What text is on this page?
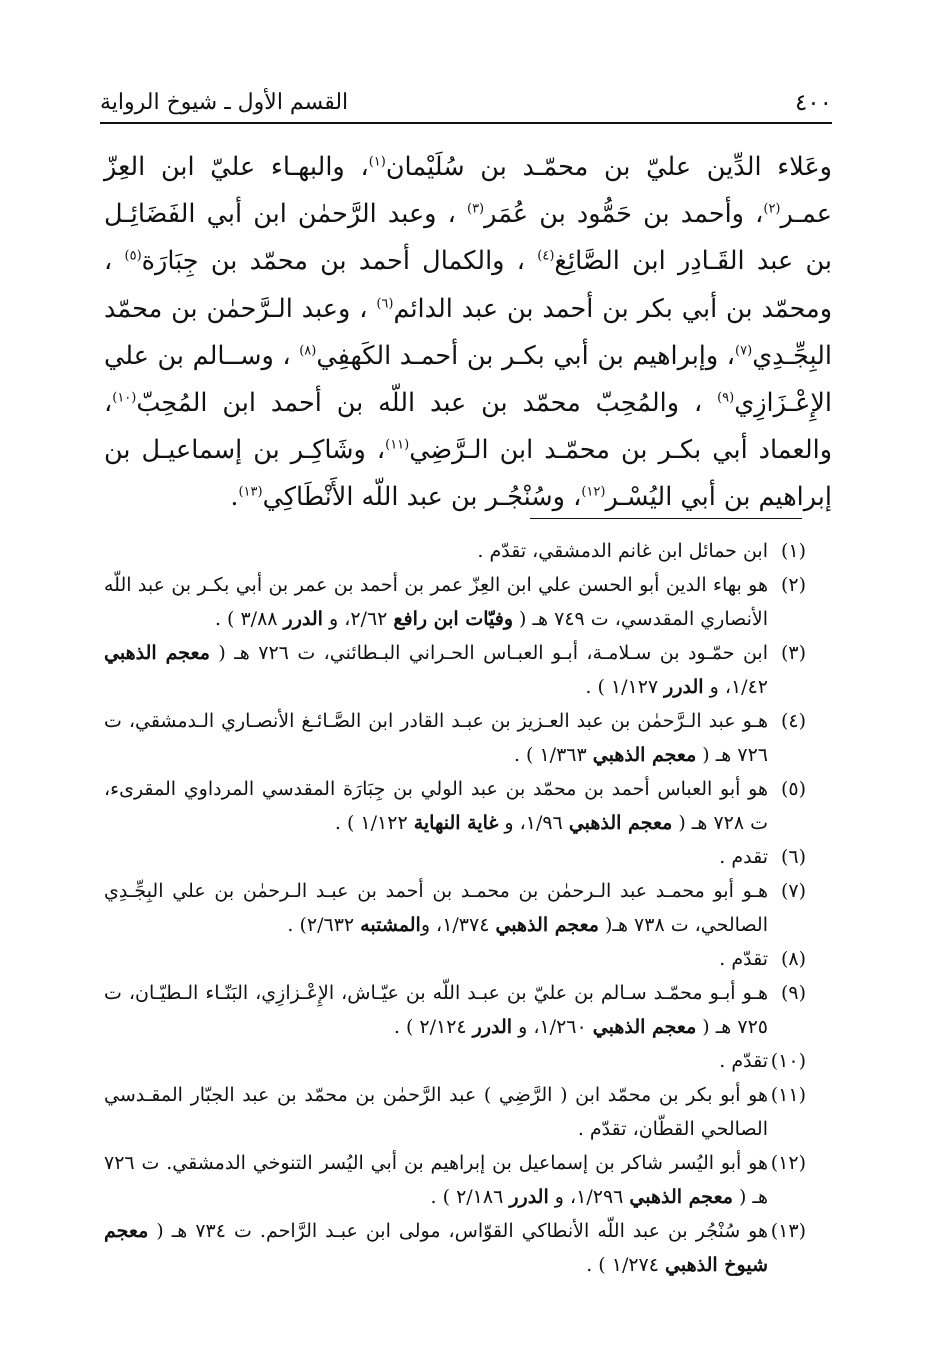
٤٠٠
القسم الأول ـ شيوخ الرواية

وعَلاء الدِّين عليّ بن محمّـد بن سُلَيْمان$^{(١)}$، والبهـاء عليّ ابن العِزّ عمـر$^{(٢)}$، وأحمد بن حَمُّود بن عُمَر$^{(٣)}$ ، وعبد الرَّحمٰن ابن أبي الفَضَائِـل بن عبد القَـادِر ابن الصَّائِغ$^{(٤)}$ ، والكمال أحمد بن محمّد بن جِبَارَة$^{(٥)}$ ، ومحمّد بن أبي بكر بن أحمد بن عبد الدائم$^{(٦)}$ ، وعبد الـرَّحمٰن بن محمّد البِجِّـدِي$^{(٧)}$، وإبراهيم بن أبي بكـر بن أحمـد الكَهفِي$^{(٨)}$ ، وســالم بن علي الإِعْـزَازِي$^{(٩)}$ ، والمُحِبّ محمّد بن عبد اللّه بن أحمد ابن المُحِبّ$^{(١٠)}$، والعماد أبي بكـر بن محمّـد ابن الـرَّضِي$^{(١١)}$، وشَاكِـر بن إسماعيـل بن إبراهيم بن أبي اليُسْـر$^{(١٢)}$، وسُنْجُـر بن عبد اللّه الأَنْطَاكِي$^{(١٣)}$.

(١)
ابن حمائل ابن غانم الدمشقي، تقدّم .
(٢)
هو بهاء الدين أبو الحسن علي ابن العِزّ عمر بن أحمد بن عمر بن أبي بكـر بن عبد اللّه الأنصاري المقدسي، ت ٧٤٩ هـ ( وفيّات ابن رافع ٢/٦٢، و الدرر ٣/٨٨ ) .
(٣)
ابن حمّـود بن سـلامـة، أبـو العبـاس الحـراني البـطائني، ت ٧٢٦ هـ ( معجم الذهبي ١/٤٢، و الدرر ١/١٢٧ ) .
(٤)
هـو عبد الـرَّحمٰن بن عبد العـزيز بن عبـد القادر ابن الصَّـائـغ الأنصـاري الـدمشقي، ت ٧٢٦ هـ ( معجم الذهبي ١/٣٦٣ ) .
(٥)
هو أبو العباس أحمد بن محمّد بن عبد الولي بن جِبَارَة المقدسي المرداوي المقرىء، ت ٧٢٨ هـ ( معجم الذهبي ١/٩٦، و غاية النهاية ١/١٢٢ ) .
(٦)
تقدم .
(٧)
هـو أبو محمـد عبد الـرحمٰن بن محمـد بن أحمد بن عبـد الـرحمٰن بن علي البِجِّـدِي الصالحي، ت ٧٣٨ هـ( معجم الذهبي ١/٣٧٤، والمشتبه ٢/٦٣٢) .
(٨)
تقدّم .
(٩)
هـو أبـو محمّـد سـالم بن عليّ بن عبـد اللّه بن عيّـاش، الإِعْـزازِي، البَنّـاء الـطيّـان، ت ٧٢٥ هـ ( معجم الذهبي ١/٢٦٠، و الدرر ٢/١٢٤ ) .
(١٠)
تقدّم .
(١١)
هو أبو بكر بن محمّد ابن ( الرَّضِي ) عبد الرَّحمٰن بن محمّد بن عبد الجبّار المقـدسي الصالحي القطّان، تقدّم .
(١٢)
هو أبو اليُسر شاكر بن إسماعيل بن إبراهيم بن أبي اليُسر التنوخي الدمشقي. ت ٧٢٦ هـ ( معجم الذهبي ١/٢٩٦، و الدرر ٢/١٨٦ ) .
(١٣)
هو سُنْجُر بن عبد اللّه الأنطاكي القوّاس، مولى ابن عبـد الرَّاحم. ت ٧٣٤ هـ ( معجم شيوخ الذهبي ١/٢٧٤ ) .
